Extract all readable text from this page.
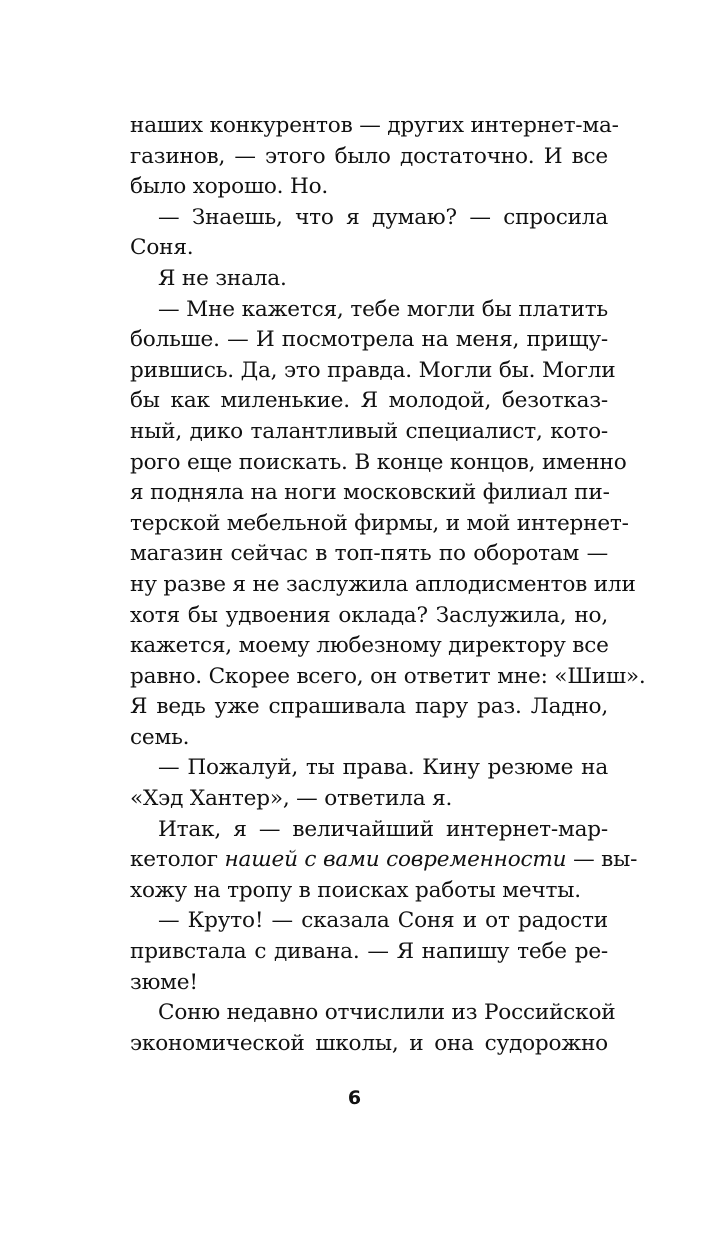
наших конкурентов — других интернет-ма-
газинов, — этого было достаточно. И все
было хорошо. Но.
— Знаешь, что я думаю? — спросила
Соня.
Я не знала.
— Мне кажется, тебе могли бы платить
больше. — И посмотрела на меня, прищу-
рившись. Да, это правда. Могли бы. Могли
бы как миленькие. Я молодой, безотказ-
ный, дико талантливый специалист, кото-
рого еще поискать. В конце концов, именно
я подняла на ноги московский филиал пи-
терской мебельной фирмы, и мой интернет-
магазин сейчас в топ-пять по оборотам —
ну разве я не заслужила аплодисментов или
хотя бы удвоения оклада? Заслужила, но,
кажется, моему любезному директору все
равно. Скорее всего, он ответит мне: «Шиш».
Я ведь уже спрашивала пару раз. Ладно,
семь.
— Пожалуй, ты права. Кину резюме на
«Хэд Хантер», — ответила я.
Итак, я — величайший интернет-мар-
кетолог нашей с вами современности — вы-
хожу на тропу в поисках работы мечты.
— Круто! — сказала Соня и от радости
привстала с дивана. — Я напишу тебе ре-
зюме!
Соню недавно отчислили из Российской
экономической школы, и она судорожно
6
